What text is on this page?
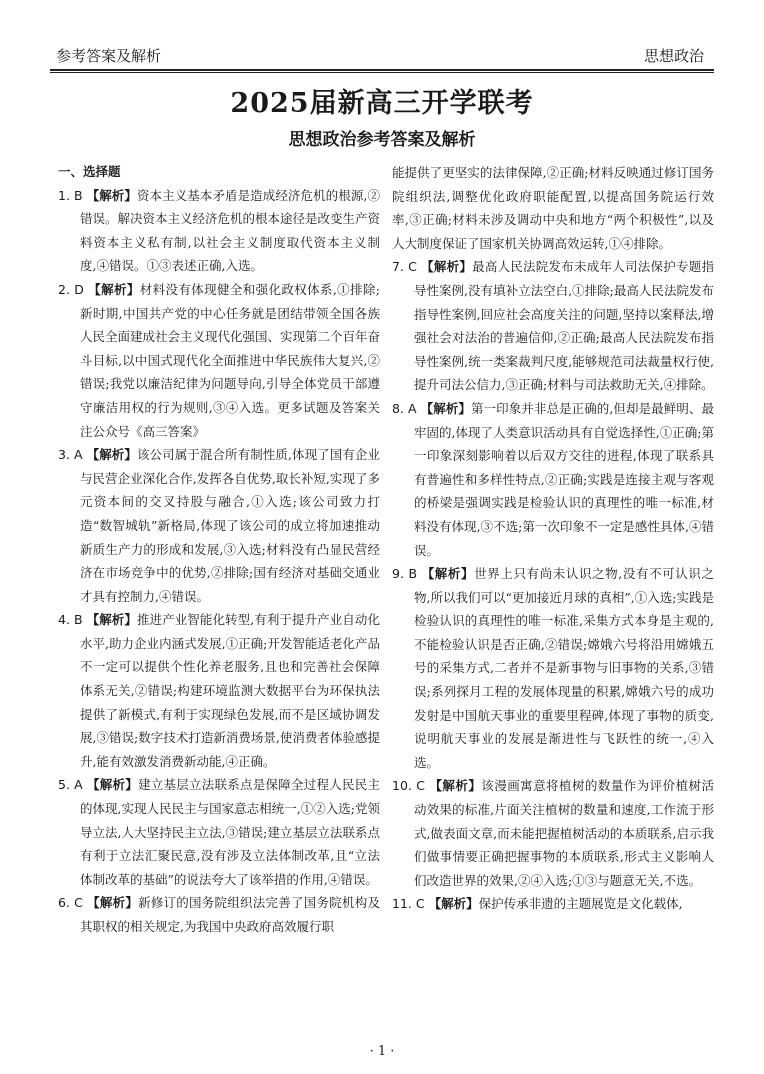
参考答案及解析	思想政治
2025届新高三开学联考
思想政治参考答案及解析
一、选择题
1. B 【解析】资本主义基本矛盾是造成经济危机的根源,②错误。解决资本主义经济危机的根本途径是改变生产资料资本主义私有制,以社会主义制度取代资本主义制度,④错误。①③表述正确,入选。
2. D 【解析】材料没有体现健全和强化政权体系,①排除;新时期,中国共产党的中心任务就是团结带领全国各族人民全面建成社会主义现代化强国、实现第二个百年奋斗目标,以中国式现代化全面推进中华民族伟大复兴,②错误;我党以廉洁纪律为问题导向,引导全体党员干部遵守廉洁用权的行为规则,③④入选。更多试题及答案关注公众号《高三答案》
3. A 【解析】该公司属于混合所有制性质,体现了国有企业与民营企业深化合作,发挥各自优势,取长补短,实现了多元资本间的交叉持股与融合,①入选;该公司致力打造“数智城轨”新格局,体现了该公司的成立将加速推动新质生产力的形成和发展,③入选;材料没有凸显民营经济在市场竞争中的优势,②排除;国有经济对基础交通业才具有控制力,④错误。
4. B 【解析】推进产业智能化转型,有利于提升产业自动化水平,助力企业内涵式发展,①正确;开发智能适老化产品不一定可以提供个性化养老服务,且也和完善社会保障体系无关,②错误;构建环境监测大数据平台为环保执法提供了新模式,有利于实现绿色发展,而不是区域协调发展,③错误;数字技术打造新消费场景,使消费者体验感提升,能有效激发消费新动能,④正确。
5. A 【解析】建立基层立法联系点是保障全过程人民民主的体现,实现人民民主与国家意志相统一,①②入选;党领导立法,人大坚持民主立法,③错误;建立基层立法联系点有利于立法汇聚民意,没有涉及立法体制改革,且“立法体制改革的基础”的说法夸大了该举措的作用,④错误。
6. C 【解析】新修订的国务院组织法完善了国务院机构及其职权的相关规定,为我国中央政府高效履行职
能提供了更坚实的法律保障,②正确;材料反映通过修订国务院组织法,调整优化政府职能配置,以提高国务院运行效率,③正确;材料未涉及调动中央和地方“两个积极性”,以及人大制度保证了国家机关协调高效运转,①④排除。
7. C 【解析】最高人民法院发布未成年人司法保护专题指导性案例,没有填补立法空白,①排除;最高人民法院发布指导性案例,回应社会高度关注的问题,坚持以案释法,增强社会对法治的普遍信仰,②正确;最高人民法院发布指导性案例,统一类案裁判尺度,能够规范司法裁量权行使,提升司法公信力,③正确;材料与司法救助无关,④排除。
8. A 【解析】第一印象并非总是正确的,但却是最鲜明、最牢固的,体现了人类意识活动具有自觉选择性,①正确;第一印象深刻影响着以后双方交往的进程,体现了联系具有普遍性和多样性特点,②正确;实践是连接主观与客观的桥梁是强调实践是检验认识的真理性的唯一标准,材料没有体现,③不选;第一次印象不一定是感性具体,④错误。
9. B 【解析】世界上只有尚未认识之物,没有不可认识之物,所以我们可以“更加接近月球的真相”,①入选;实践是检验认识的真理性的唯一标准,采集方式本身是主观的,不能检验认识是否正确,②错误;嫦娥六号将沿用嫦娥五号的采集方式,二者并不是新事物与旧事物的关系,③错误;系列探月工程的发展体现量的积累,嫦娥六号的成功发射是中国航天事业的重要里程碑,体现了事物的质变,说明航天事业的发展是渐进性与飞跃性的统一,④入选。
10. C 【解析】该漫画寓意将植树的数量作为评价植树活动效果的标准,片面关注植树的数量和速度,工作流于形式,做表面文章,而未能把握植树活动的本质联系,启示我们做事情要正确把握事物的本质联系,形式主义影响人们改造世界的效果,②④入选;①③与题意无关,不选。
11. C 【解析】保护传承非遗的主题展览是文化载体,
· 1 ·
